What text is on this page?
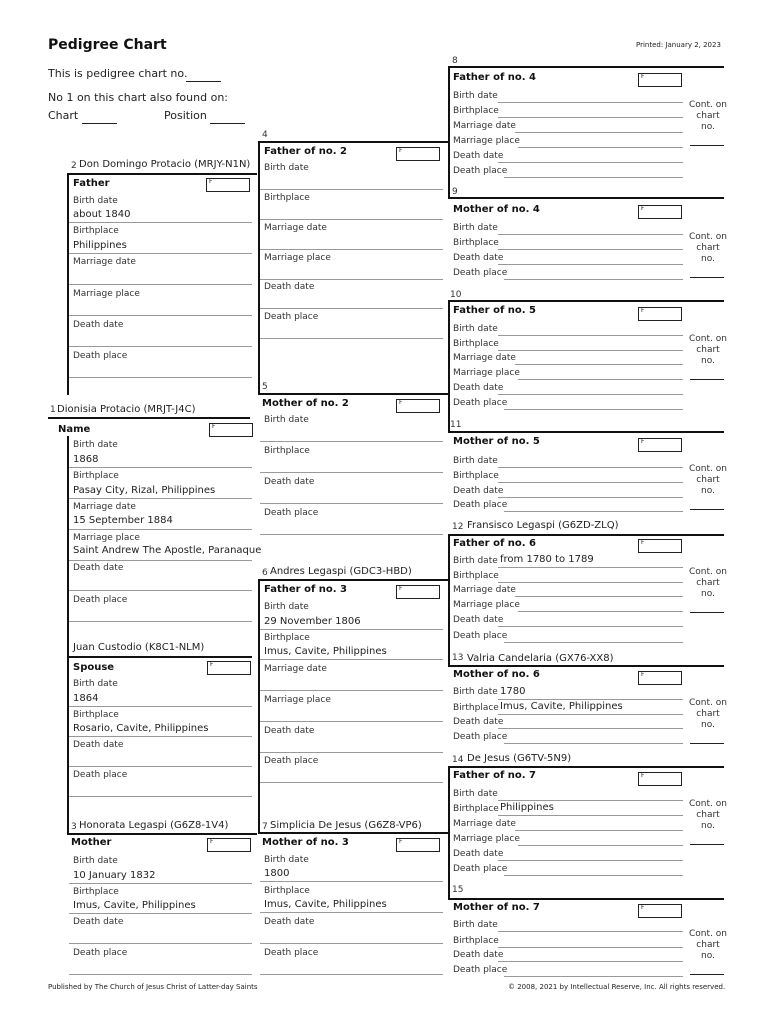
Pedigree Chart	Printed: January 2, 2023
This is pedigree chart no.
No 1 on this chart also found on:
Chart	Position
1 Dionisia Protacio (MRJT-J4C)
Name	F
Birth date
1868
Birthplace
Pasay City, Rizal, Philippines
Marriage date
15 September 1884
Marriage place
Saint Andrew The Apostle, Paranaque
Death date
Death place
Juan Custodio (K8C1-NLM)
Spouse	F
Birth date
1864
Birthplace
Rosario, Cavite, Philippines
Death date
Death place
2 Don Domingo Protacio (MRJY-N1N)
Father	F
Birth date
about 1840
Birthplace
Philippines
Marriage date
Marriage place
Death date
Death place
3 Honorata Legaspi (G6Z8-1V4)
Mother	F
Birth date
10 January 1832
Birthplace
Imus, Cavite, Philippines
Death date
Death place
4
Father of no. 2	F
Birth date
Birthplace
Marriage date
Marriage place
Death date
Death place
5
Mother of no. 2	F
Birth date
Birthplace
Death date
Death place
6 Andres Legaspi (GDC3-HBD)
Father of no. 3	F
Birth date
29 November 1806
Birthplace
Imus, Cavite, Philippines
Marriage date
Marriage place
Death date
Death place
7 Simplicia De Jesus (G6Z8-VP6)
Mother of no. 3	F
Birth date
1800
Birthplace
Imus, Cavite, Philippines
Death date
Death place
8
Father of no. 4	F
Birth date
Birthplace
Marriage date
Marriage place
Death date
Death place
Cont. on chart no.
9
Mother of no. 4	F
Birth date
Birthplace
Death date
Death place
Cont. on chart no.
10
Father of no. 5	F
Birth date
Birthplace
Marriage date
Marriage place
Death date
Death place
Cont. on chart no.
11
Mother of no. 5	F
Birth date
Birthplace
Death date
Death place
Cont. on chart no.
12 Fransisco Legaspi (G6ZD-ZLQ)
Father of no. 6	F
Birth date from 1780 to 1789
Birthplace
Marriage date
Marriage place
Death date
Death place
Cont. on chart no.
13 Valria Candelaria (GX76-XX8)
Mother of no. 6	F
Birth date 1780
Birthplace Imus, Cavite, Philippines
Death date
Death place
Cont. on chart no.
14 De Jesus (G6TV-5N9)
Father of no. 7	F
Birth date
Birthplace Philippines
Marriage date
Marriage place
Death date
Death place
Cont. on chart no.
15
Mother of no. 7	F
Birth date
Birthplace
Death date
Death place
Cont. on chart no.
Published by The Church of Jesus Christ of Latter-day Saints	© 2008, 2021 by Intellectual Reserve, Inc. All rights reserved.
